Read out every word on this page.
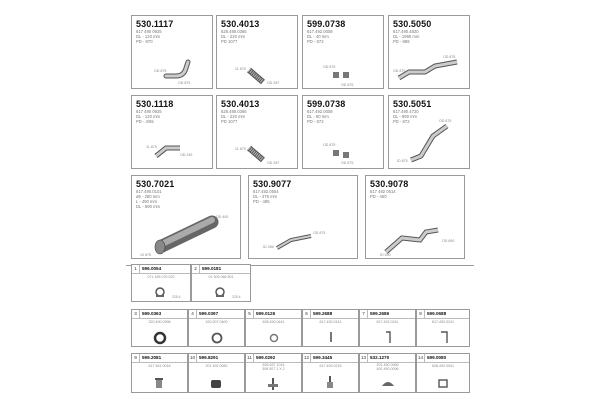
530.1117
617 490 0925
DL - 120 mm
PD - 870
OD 875
OD 875
530.4013
628.490.0365
DL - 220 mm
PD 1077
11 875
OD 287
599.0738
617.492.0008
DL - 40 mm
PD - 872
OD 875
OD 875
530.5050
617.490.4820
DL - 1990 mm
PD - 889
OD 875
OD 875
530.1118
617 490 0925
DL - 120 mm
PD - 4/55
11 875
OD 245
530.4013
628.490.0366
DL - 220 mm
PD 1077
11 875
OD 287
599.0738
617.492.0008
DL - 60 mm
PD - 872
OD 875
OD 875
530.5051
617.490.4720
DL - 990 mm
PD - 872	OD 875
ID 875
530.7021
617.490.0101
ø5 - 280 mm
L - 450 mm
DL - 690 mm
OD 400
10 875
530.9077
617.492.0554
DL - 475 mm
PD - 485
OD 875
ID 286
530.9078
617 492 0514
PD - 450
OD 690
ID 690
1	596.0054
071 165 075 022
225.4
2	599.0181
01 305 066 501
225.4
3	599.0363
320.490.0996
4	599.0397
320.307.0400
5	599.0126
628.490.0441
6	599.2688
617.492.0141
7	599.2686
617.492.0241
8	599.0688
617.492.0241
9	599.2081
617 461 0018
10 599.8291
201 492 0082
11 599.0292
628 637 1014
308 507 1 X 2
12 599.3445
617.492.0215
13 532.1270
201 490 0066
492.490.0096
14 599.0080
628.492.0041
